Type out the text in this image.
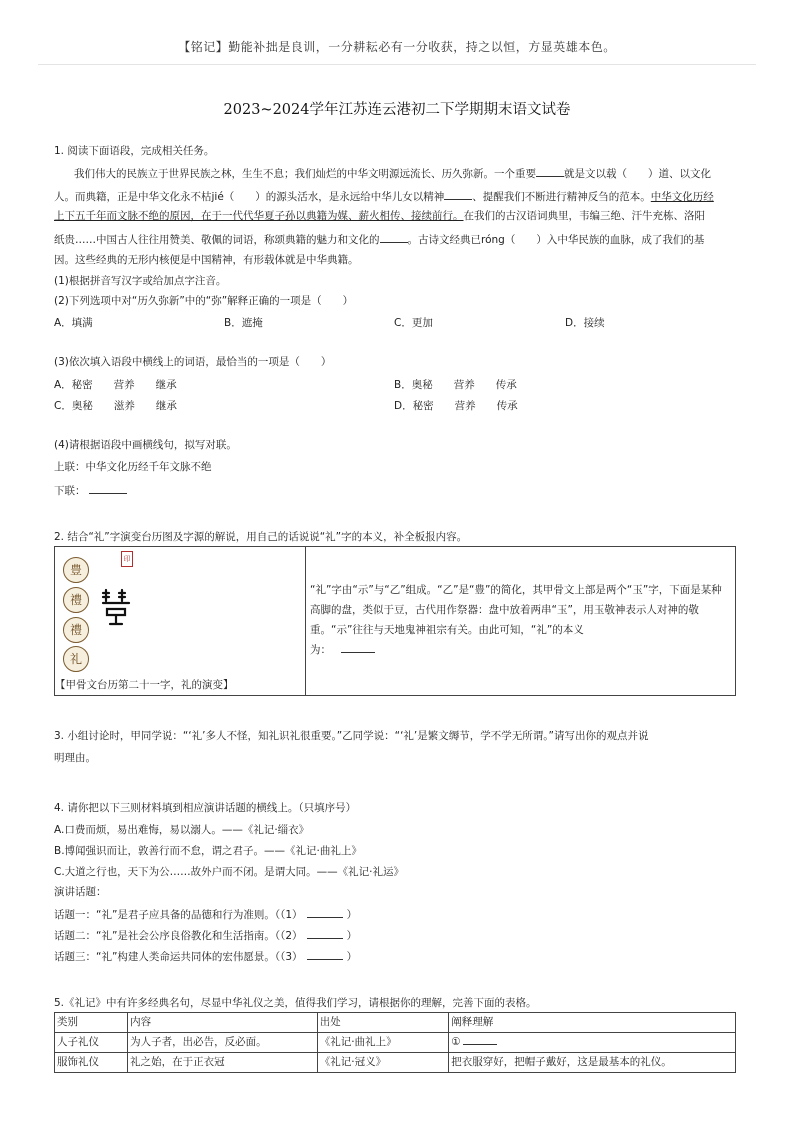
【铭记】勤能补拙是良训，一分耕耘必有一分收获，持之以恒，方显英雄本色。
2023~2024学年江苏连云港初二下学期期末语文试卷
1. 阅读下面语段，完成相关任务。
我们伟大的民族立于世界民族之林，生生不息；我们灿烂的中华文明源远流长、历久弥新。一个重要	就是文以载（　　）道、以文化
人。而典籍，正是中华文化永不枯jié（　　）的源头活水，是永远给中华儿女以精神	、提醒我们不断进行精神反刍的范本。中华文化历经
上下五千年而文脉不绝的原因，在于一代代华夏子孙以典籍为媒、薪火相传、接续前行。在我们的古汉语词典里，韦编三绝、汗牛充栋、洛阳
纸贵……中国古人往往用赞美、敬佩的词语，称颂典籍的魅力和文化的	。古诗文经典已róng（　　）入中华民族的血脉，成了我们的基
因。这些经典的无形内核便是中国精神，有形载体就是中华典籍。
(1)根据拼音写汉字或给加点字注音。
(2)下列选项中对“历久弥新”中的“弥”解释正确的一项是（　　）
A．填满	B．遮掩	C．更加	D．接续
(3)依次填入语段中横线上的词语，最恰当的一项是（　　）
A．秘密　　营养　　继承	B．奥秘　　营养　　传承
C．奥秘　　滋养　　继承	D．秘密　　营养　　传承
(4)请根据语段中画横线句，拟写对联。
上联：中华文化历经千年文脉不绝
下联：
2. 结合“礼”字演变台历图及字源的解说，用自己的话说说“礼”字的本义，补全板报内容。
豊
禮
禮
礼
印
【甲骨文台历第二十一字，礼的演变】

“礼”字由“示”与“乙”组成。“乙”是“豊”的简化，其甲骨文上部是两个“玉”字，下面是某种高脚的盘，类似于豆，古代用作祭器：盘中放着两串“玉”，用玉敬神表示人对神的敬重。“示”往往与天地鬼神祖宗有关。由此可知，“礼”的本义
为：
3. 小组讨论时，甲同学说：“‘礼’多人不怪，知礼识礼很重要。”乙同学说：“‘礼’是繁文缛节，学不学无所谓。”请写出你的观点并说
明理由。
4. 请你把以下三则材料填到相应演讲话题的横线上。（只填序号）
A.口费而烦，易出难悔，易以溺人。——《礼记·缁衣》
B.博闻强识而让，敦善行而不怠，谓之君子。——《礼记·曲礼上》
C.大道之行也，天下为公……故外户而不闭。是谓大同。——《礼记·礼运》
演讲话题：
话题一：“礼”是君子应具备的品德和行为准则。（（1）	）
话题二：“礼”是社会公序良俗教化和生活指南。（（2）	）
话题三：“礼”构建人类命运共同体的宏伟愿景。（（3）	）
5.《礼记》中有许多经典名句，尽显中华礼仪之美，值得我们学习，请根据你的理解，完善下面的表格。
类别	内容	出处	阐释理解
人子礼仪	为人子者，出必告，反必面。	《礼记·曲礼上》	①
服饰礼仪	礼之始，在于正衣冠	《礼记·冠义》	把衣服穿好，把帽子戴好，这是最基本的礼仪。
